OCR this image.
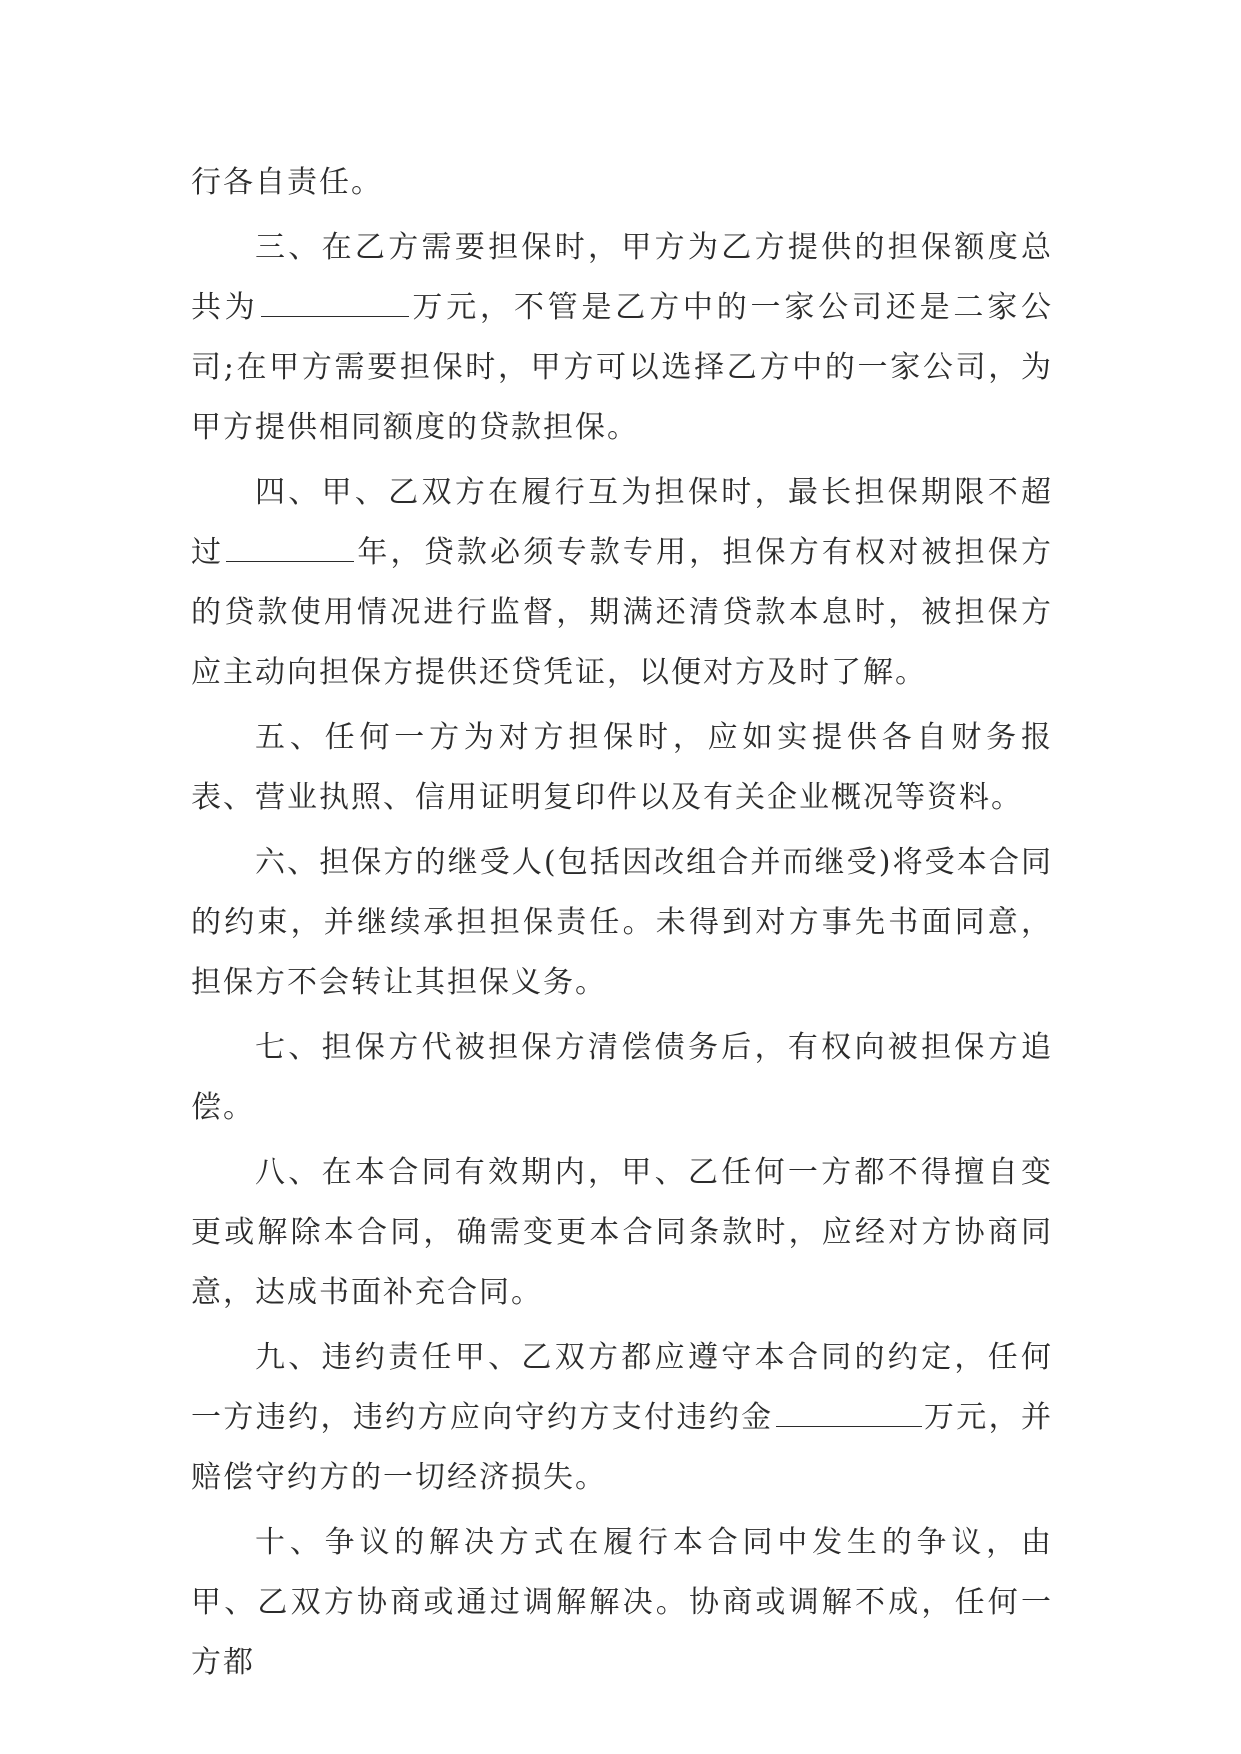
行各自责任。

三、在乙方需要担保时，甲方为乙方提供的担保额度总共为	万元，不管是乙方中的一家公司还是二家公司;在甲方需要担保时，甲方可以选择乙方中的一家公司，为甲方提供相同额度的贷款担保。

四、甲、乙双方在履行互为担保时，最长担保期限不超过	年，贷款必须专款专用，担保方有权对被担保方的贷款使用情况进行监督，期满还清贷款本息时，被担保方应主动向担保方提供还贷凭证，以便对方及时了解。

五、任何一方为对方担保时，应如实提供各自财务报表、营业执照、信用证明复印件以及有关企业概况等资料。

六、担保方的继受人(包括因改组合并而继受)将受本合同的约束，并继续承担担保责任。未得到对方事先书面同意，担保方不会转让其担保义务。

七、担保方代被担保方清偿债务后，有权向被担保方追偿。

八、在本合同有效期内，甲、乙任何一方都不得擅自变更或解除本合同，确需变更本合同条款时，应经对方协商同意，达成书面补充合同。

九、违约责任甲、乙双方都应遵守本合同的约定，任何一方违约，违约方应向守约方支付违约金	万元，并赔偿守约方的一切经济损失。

十、争议的解决方式在履行本合同中发生的争议，由甲、乙双方协商或通过调解解决。协商或调解不成，任何一方都
